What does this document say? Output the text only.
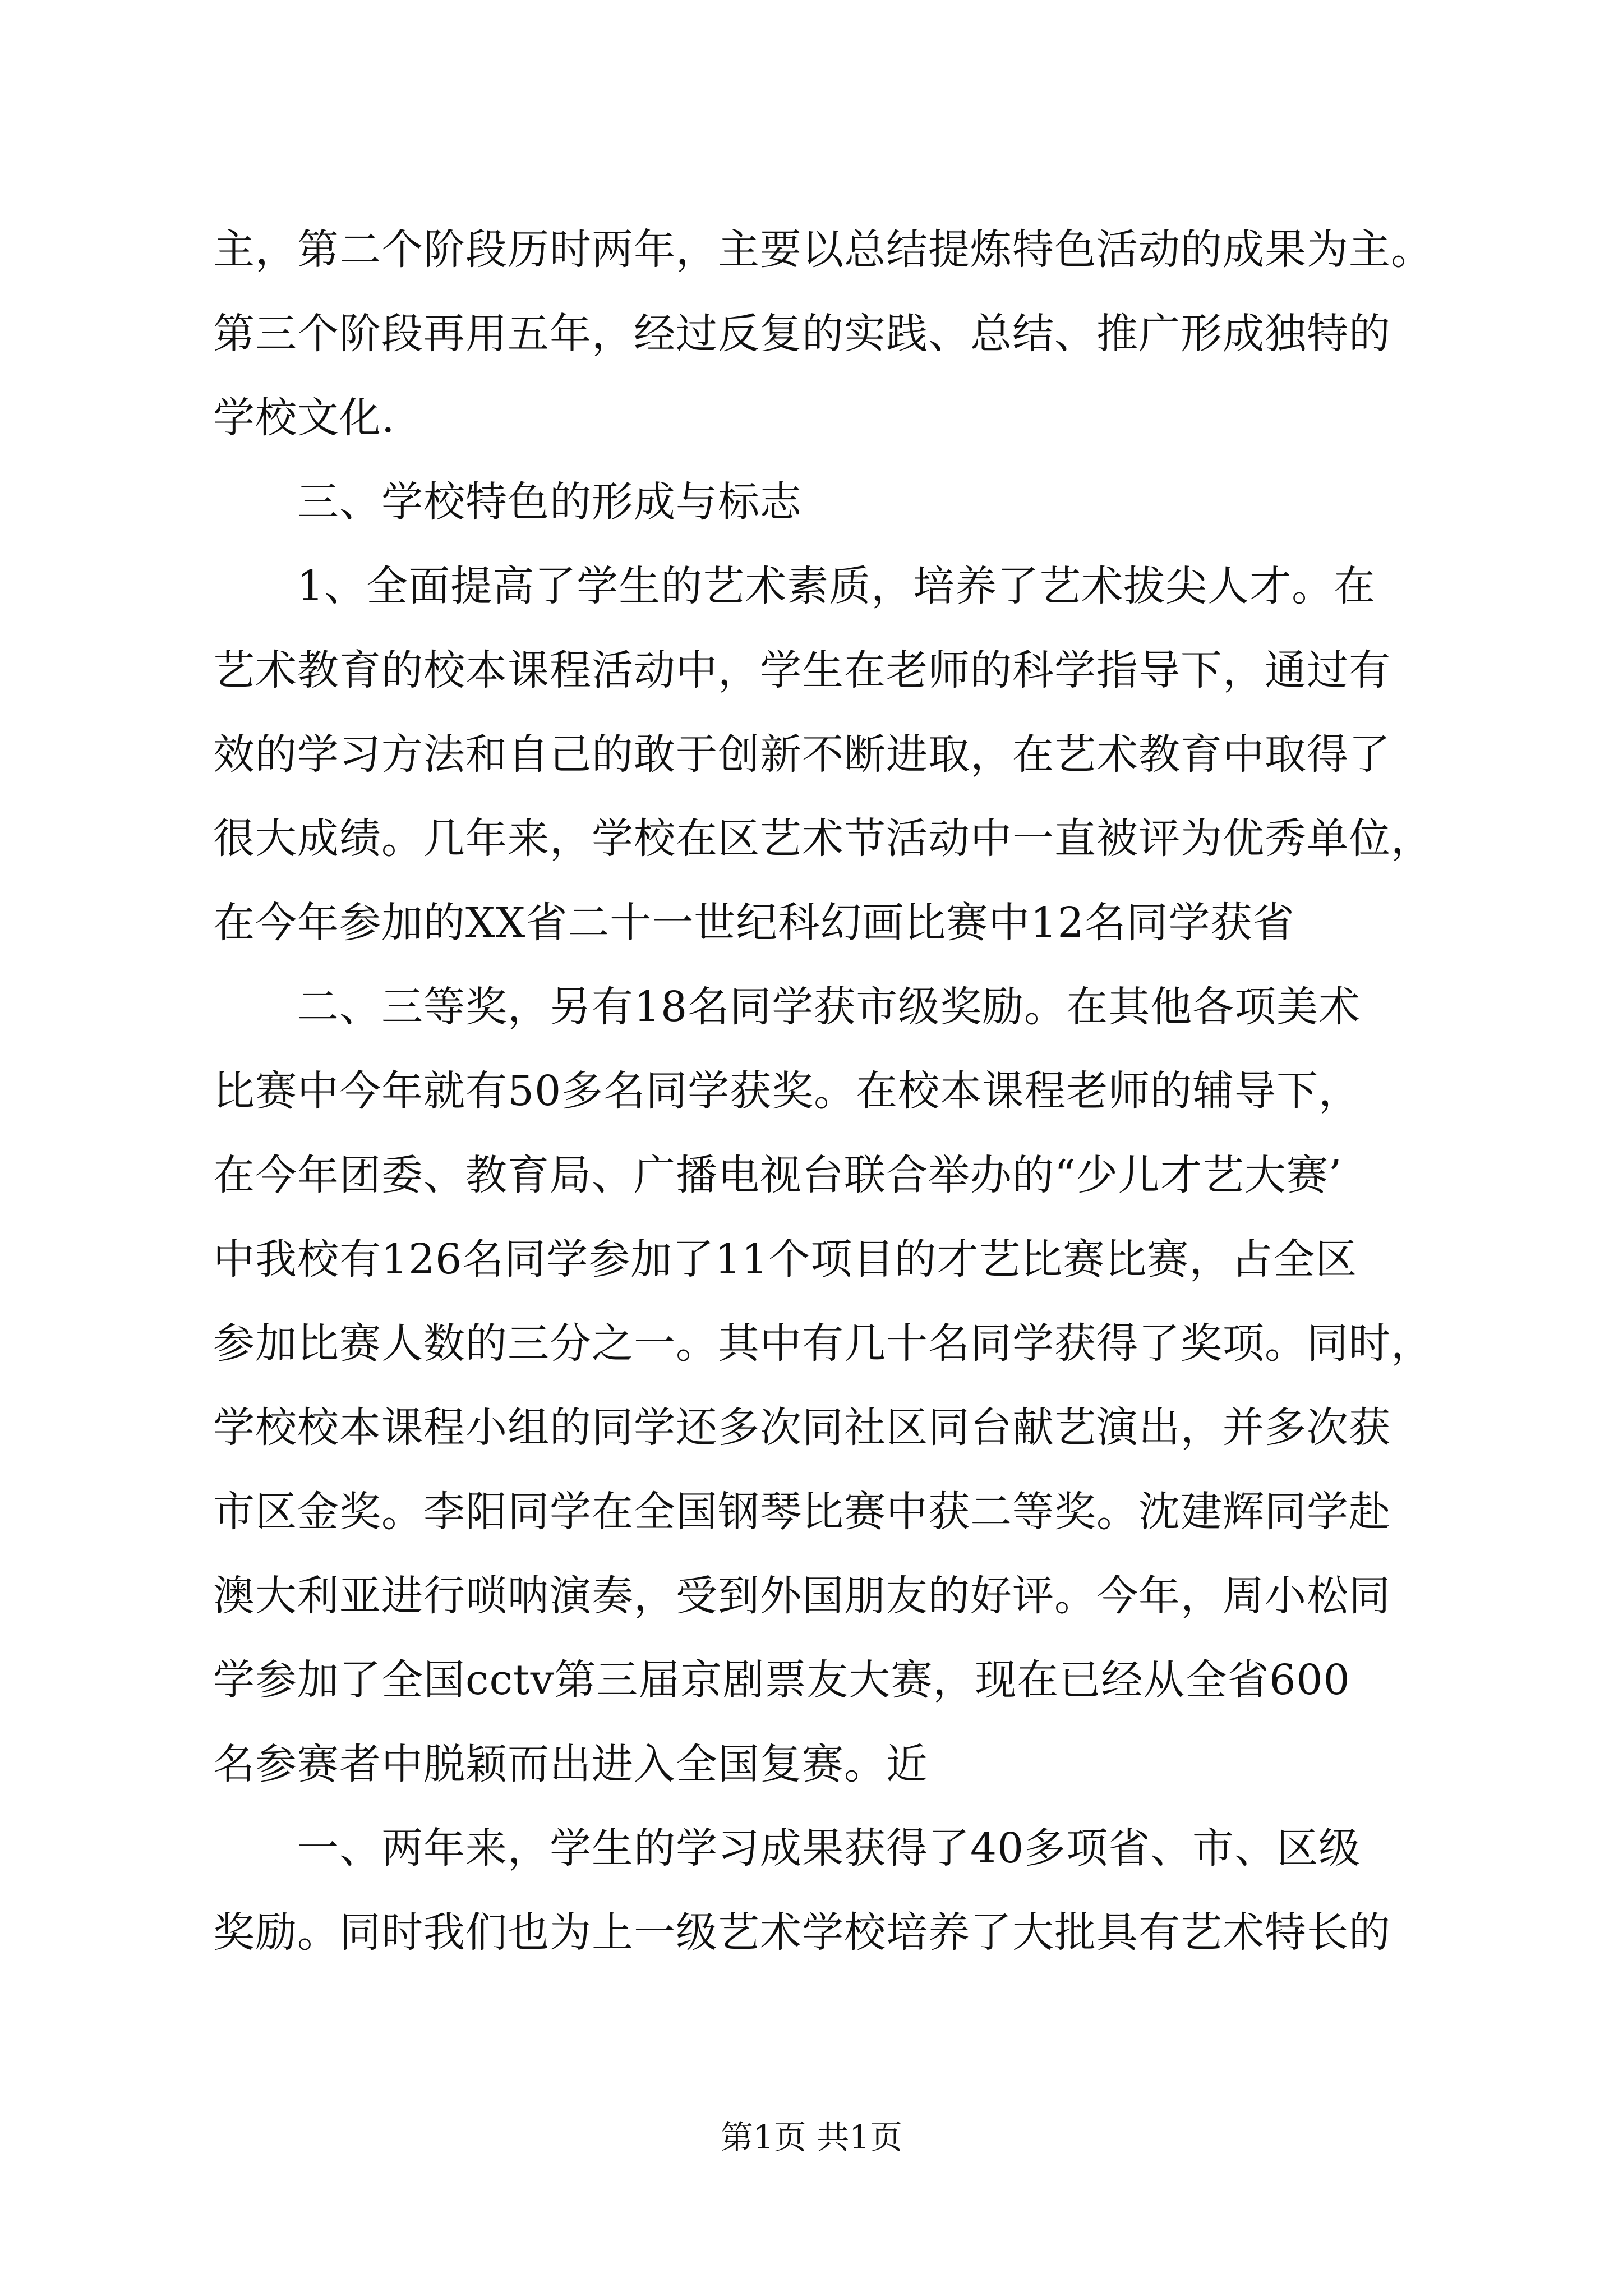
主，第二个阶段历时两年，主要以总结提炼特色活动的成果为主。
第三个阶段再用五年，经过反复的实践、总结、推广形成独特的
学校文化.
三、学校特色的形成与标志
1、全面提高了学生的艺术素质，培养了艺术拔尖人才。在
艺术教育的校本课程活动中，学生在老师的科学指导下，通过有
效的学习方法和自己的敢于创新不断进取，在艺术教育中取得了
很大成绩。几年来，学校在区艺术节活动中一直被评为优秀单位，
在今年参加的XX省二十一世纪科幻画比赛中12名同学获省
二、三等奖，另有18名同学获市级奖励。在其他各项美术
比赛中今年就有50多名同学获奖。在校本课程老师的辅导下，
在今年团委、教育局、广播电视台联合举办的“少儿才艺大赛’
中我校有126名同学参加了11个项目的才艺比赛比赛，占全区
参加比赛人数的三分之一。其中有几十名同学获得了奖项。同时，
学校校本课程小组的同学还多次同社区同台献艺演出，并多次获
市区金奖。李阳同学在全国钢琴比赛中获二等奖。沈建辉同学赴
澳大利亚进行唢呐演奏，受到外国朋友的好评。今年，周小松同
学参加了全国cctv第三届京剧票友大赛，现在已经从全省600
名参赛者中脱颖而出进入全国复赛。近
一、两年来，学生的学习成果获得了40多项省、市、区级
奖励。同时我们也为上一级艺术学校培养了大批具有艺术特长的
第1页 共1页
